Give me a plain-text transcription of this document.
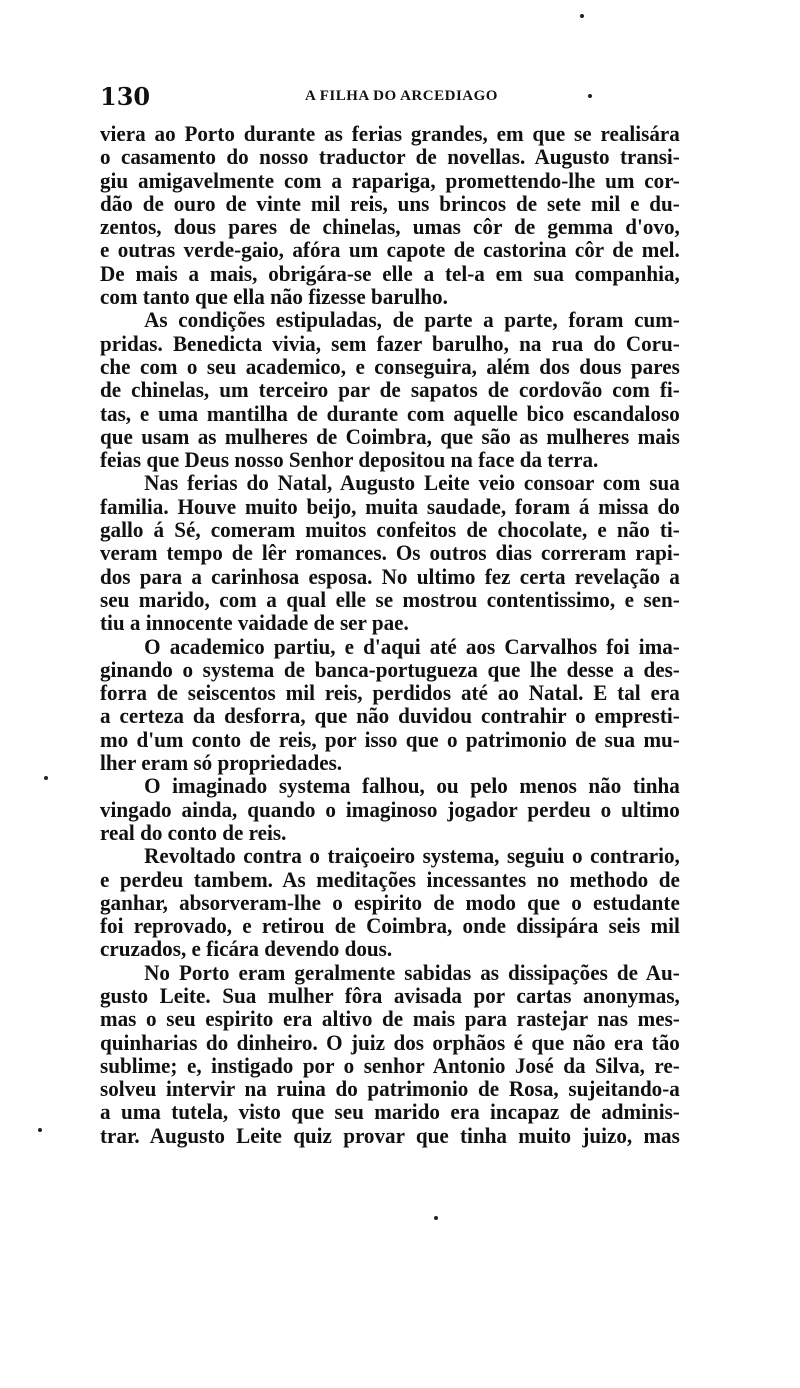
130	A FILHA DO ARCEDIAGO
viera ao Porto durante as ferias grandes, em que se realisára
o casamento do nosso traductor de novellas. Augusto transi-
giu amigavelmente com a rapariga, promettendo-lhe um cor-
dão de ouro de vinte mil reis, uns brincos de sete mil e du-
zentos, dous pares de chinelas, umas côr de gemma d'ovo,
e outras verde-gaio, afóra um capote de castorina côr de mel.
De mais a mais, obrigára-se elle a tel-a em sua companhia,
com tanto que ella não fizesse barulho.
As condições estipuladas, de parte a parte, foram cum-
pridas. Benedicta vivia, sem fazer barulho, na rua do Coru-
che com o seu academico, e conseguira, além dos dous pares
de chinelas, um terceiro par de sapatos de cordovão com fi-
tas, e uma mantilha de durante com aquelle bico escandaloso
que usam as mulheres de Coimbra, que são as mulheres mais
feias que Deus nosso Senhor depositou na face da terra.
Nas ferias do Natal, Augusto Leite veio consoar com sua
familia. Houve muito beijo, muita saudade, foram á missa do
gallo á Sé, comeram muitos confeitos de chocolate, e não ti-
veram tempo de lêr romances. Os outros dias correram rapi-
dos para a carinhosa esposa. No ultimo fez certa revelação a
seu marido, com a qual elle se mostrou contentissimo, e sen-
tiu a innocente vaidade de ser pae.
O academico partiu, e d'aqui até aos Carvalhos foi ima-
ginando o systema de banca-portugueza que lhe desse a des-
forra de seiscentos mil reis, perdidos até ao Natal. E tal era
a certeza da desforra, que não duvidou contrahir o empresti-
mo d'um conto de reis, por isso que o patrimonio de sua mu-
lher eram só propriedades.
O imaginado systema falhou, ou pelo menos não tinha
vingado ainda, quando o imaginoso jogador perdeu o ultimo
real do conto de reis.
Revoltado contra o traiçoeiro systema, seguiu o contrario,
e perdeu tambem. As meditações incessantes no methodo de
ganhar, absorveram-lhe o espirito de modo que o estudante
foi reprovado, e retirou de Coimbra, onde dissipára seis mil
cruzados, e ficára devendo dous.
No Porto eram geralmente sabidas as dissipações de Au-
gusto Leite. Sua mulher fôra avisada por cartas anonymas,
mas o seu espirito era altivo de mais para rastejar nas mes-
quinharias do dinheiro. O juiz dos orphãos é que não era tão
sublime; e, instigado por o senhor Antonio José da Silva, re-
solveu intervir na ruina do patrimonio de Rosa, sujeitando-a
a uma tutela, visto que seu marido era incapaz de adminis-
trar. Augusto Leite quiz provar que tinha muito juizo, mas
